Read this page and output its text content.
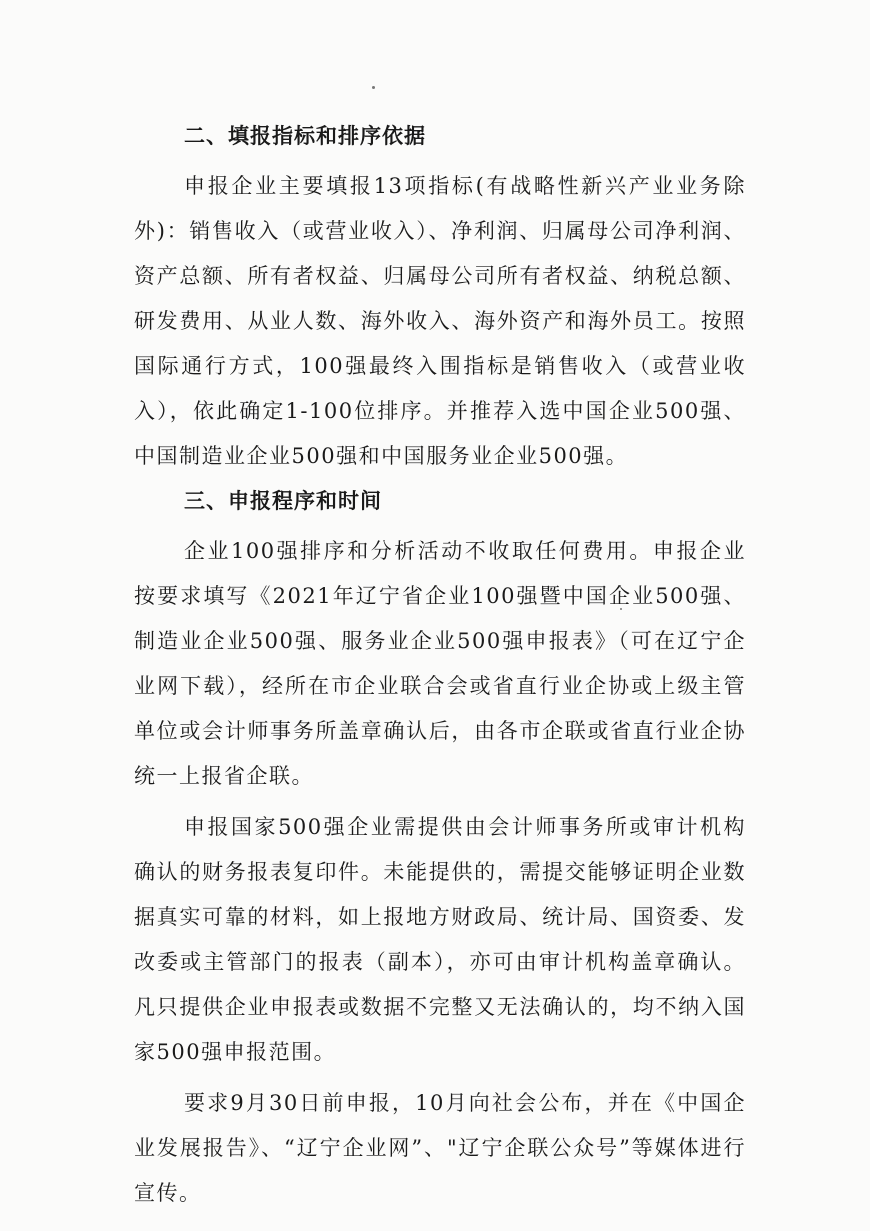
二、填报指标和排序依据

申报企业主要填报13项指标(有战略性新兴产业业务除外)：销售收入（或营业收入）、净利润、归属母公司净利润、资产总额、所有者权益、归属母公司所有者权益、纳税总额、研发费用、从业人数、海外收入、海外资产和海外员工。按照国际通行方式，100强最终入围指标是销售收入（或营业收入），依此确定1-100位排序。并推荐入选中国企业500强、中国制造业企业500强和中国服务业企业500强。

三、申报程序和时间

企业100强排序和分析活动不收取任何费用。申报企业按要求填写《2021年辽宁省企业100强暨中国企业500强、制造业企业500强、服务业企业500强申报表》（可在辽宁企业网下载），经所在市企业联合会或省直行业企协或上级主管单位或会计师事务所盖章确认后，由各市企联或省直行业企协统一上报省企联。

申报国家500强企业需提供由会计师事务所或审计机构确认的财务报表复印件。未能提供的，需提交能够证明企业数据真实可靠的材料，如上报地方财政局、统计局、国资委、发改委或主管部门的报表（副本），亦可由审计机构盖章确认。凡只提供企业申报表或数据不完整又无法确认的，均不纳入国家500强申报范围。

要求9月30日前申报，10月向社会公布，并在《中国企业发展报告》、“辽宁企业网”、"辽宁企联公众号”等媒体进行宣传。
